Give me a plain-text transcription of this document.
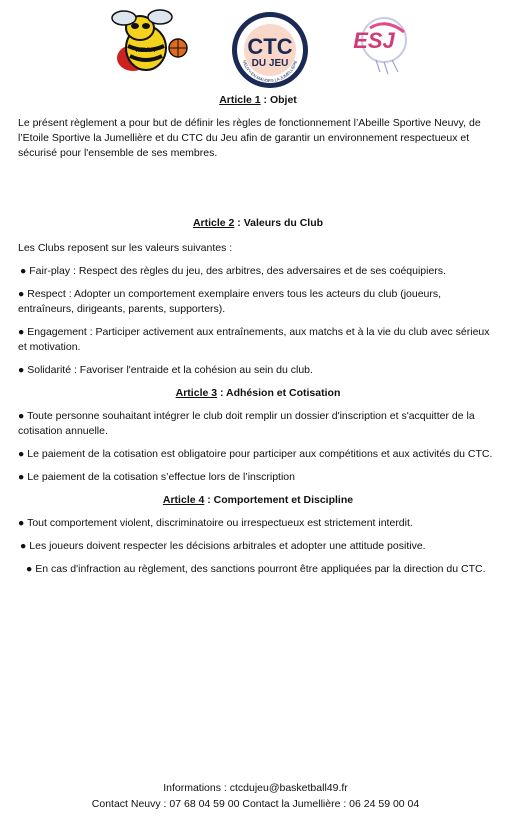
NEUVY	CTC
DU JEU
NEUVY-EN-MAUGES LA JUMELLIÈRE
ESJ
Article 1 : Objet

Le présent règlement a pour but de définir les règles de fonctionnement l’Abeille Sportive Neuvy, de l’Etoile Sportive la Jumellière et du CTC du Jeu afin de garantir un environnement respectueux et sécurisé pour l'ensemble de ses membres.

Article 2 : Valeurs du Club

Les Clubs reposent sur les valeurs suivantes :

● Fair-play : Respect des règles du jeu, des arbitres, des adversaires et de ses coéquipiers.

● Respect : Adopter un comportement exemplaire envers tous les acteurs du club (joueurs, entraîneurs, dirigeants, parents, supporters).

● Engagement : Participer activement aux entraînements, aux matchs et à la vie du club avec sérieux et motivation.

● Solidarité : Favoriser l'entraide et la cohésion au sein du club.

Article 3 : Adhésion et Cotisation

● Toute personne souhaitant intégrer le club doit remplir un dossier d'inscription et s'acquitter de la cotisation annuelle.

● Le paiement de la cotisation est obligatoire pour participer aux compétitions et aux activités du CTC.

● Le paiement de la cotisation s’effectue lors de l’inscription

Article 4 : Comportement et Discipline

● Tout comportement violent, discriminatoire ou irrespectueux est strictement interdit.

● Les joueurs doivent respecter les décisions arbitrales et adopter une attitude positive.

● En cas d'infraction au règlement, des sanctions pourront être appliquées par la direction du CTC.

Informations : ctcdujeu@basketball49.fr
Contact Neuvy : 07 68 04 59 00 Contact la Jumellière : 06 24 59 00 04
